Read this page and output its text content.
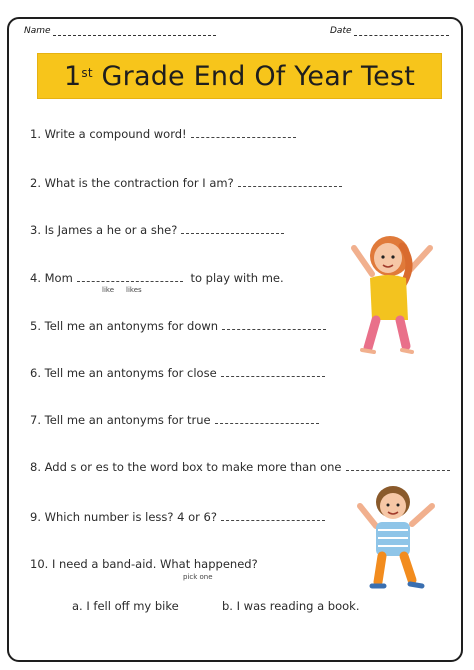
Name	Date
1st Grade End Of Year Test
1. Write a compound word!
2. What is the contraction for I am?
3. Is James a he or a she?
4. Mom	to play with me.
like likes
5. Tell me an antonyms for down
6. Tell me an antonyms for close
7. Tell me an antonyms for true
8. Add s or es to the word box to make more than one
9. Which number is less? 4 or 6?
10. I need a band-aid. What happened?
pick one
a. I fell off my bike	b. I was reading a book.
